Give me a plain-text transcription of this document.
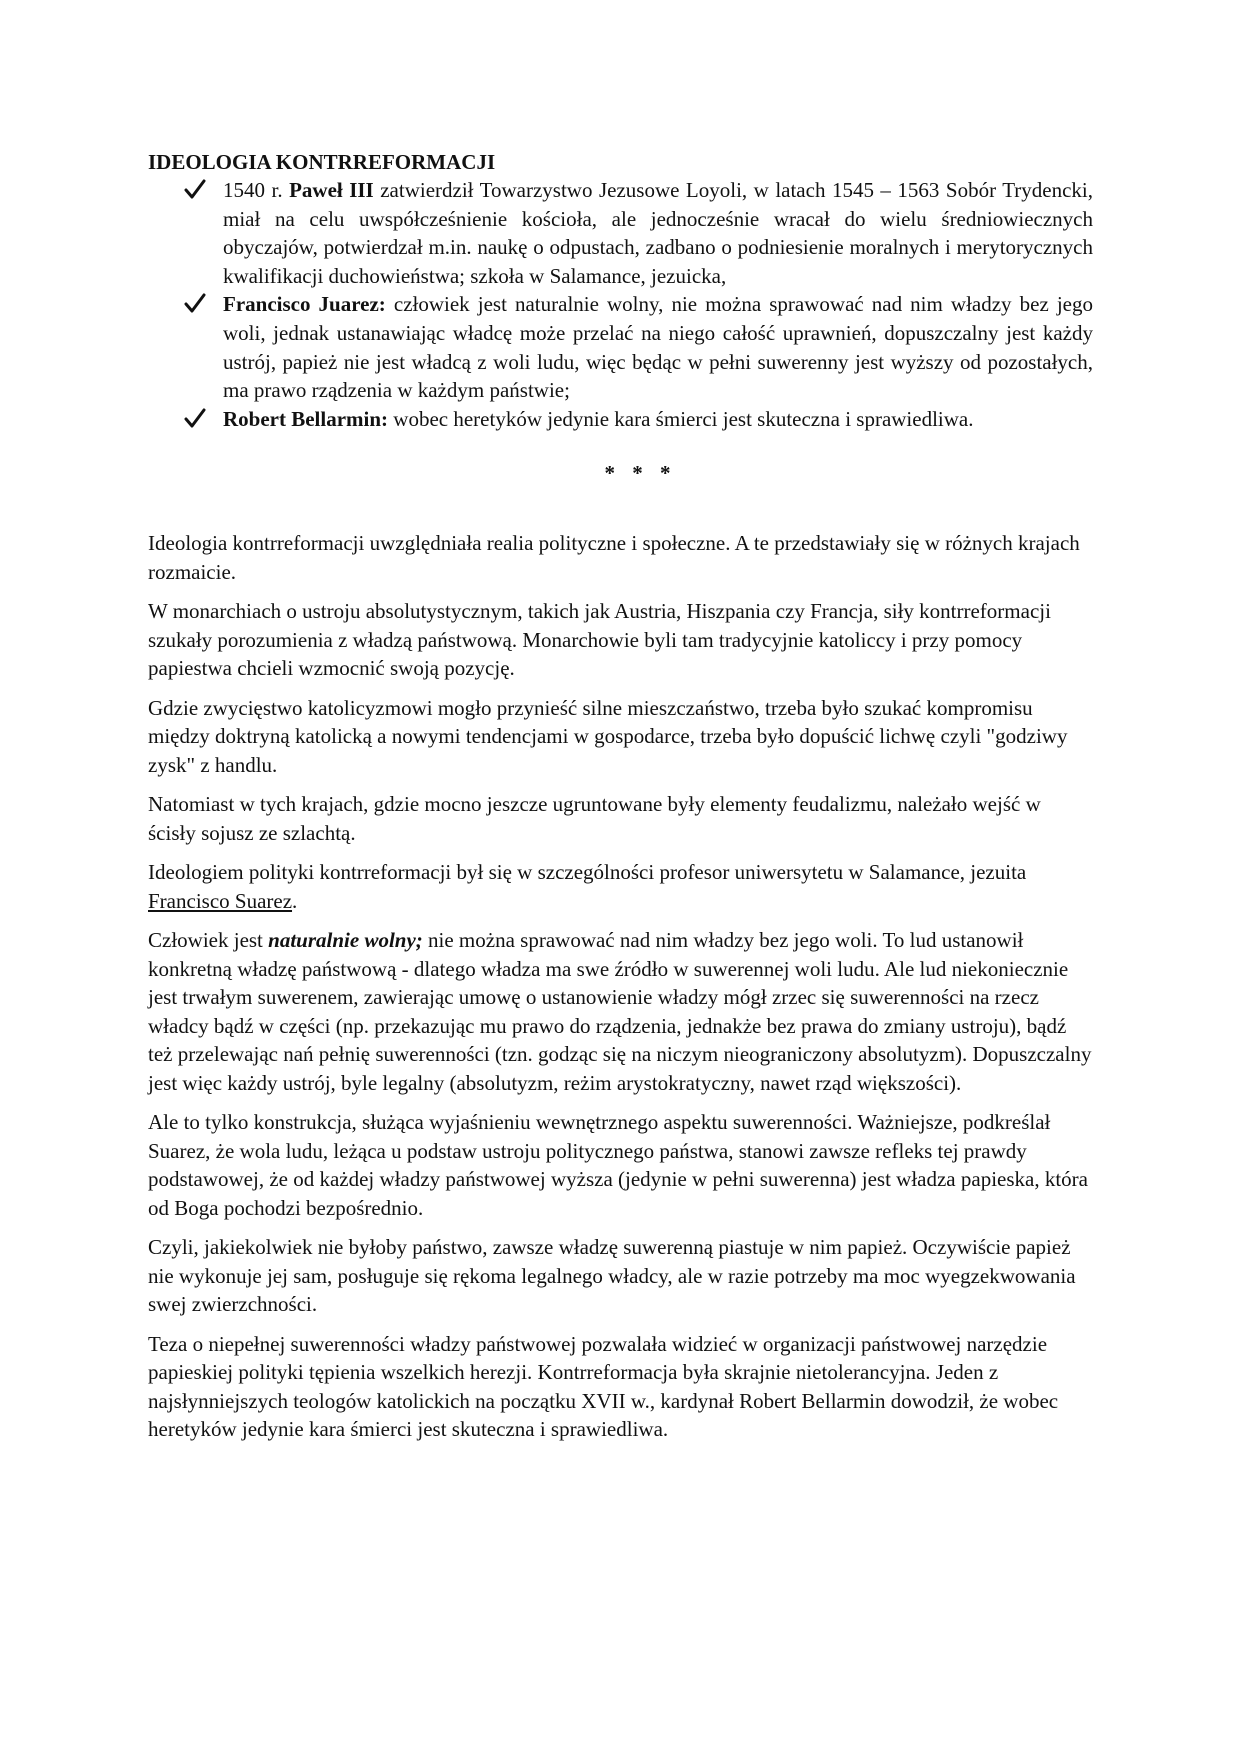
IDEOLOGIA KONTRREFORMACJI
1540 r. Paweł III zatwierdził Towarzystwo Jezusowe Loyoli, w latach 1545 – 1563 Sobór Trydencki, miał na celu uwspółcześnienie kościoła, ale jednocześnie wracał do wielu średniowiecznych obyczajów, potwierdzał m.in. naukę o odpustach, zadbano o podniesienie moralnych i merytorycznych kwalifikacji duchowieństwa; szkoła w Salamance, jezuicka,
Francisco Juarez: człowiek jest naturalnie wolny, nie można sprawować nad nim władzy bez jego woli, jednak ustanawiając władcę może przelać na niego całość uprawnień, dopuszczalny jest każdy ustrój, papież nie jest władcą z woli ludu, więc będąc w pełni suwerenny jest wyższy od pozostałych, ma prawo rządzenia w każdym państwie;
Robert Bellarmin: wobec heretyków jedynie kara śmierci jest skuteczna i sprawiedliwa.
* * *

Ideologia kontrreformacji uwzględniała realia polityczne i społeczne. A te przedstawiały się w różnych krajach rozmaicie.

W monarchiach o ustroju absolutystycznym, takich jak Austria, Hiszpania czy Francja, siły kontrreformacji szukały porozumienia z władzą państwową. Monarchowie byli tam tradycyjnie katoliccy i przy pomocy papiestwa chcieli wzmocnić swoją pozycję.

Gdzie zwycięstwo katolicyzmowi mogło przynieść silne mieszczaństwo, trzeba było szukać kompromisu między doktryną katolicką a nowymi tendencjami w gospodarce, trzeba było dopuścić lichwę czyli "godziwy zysk" z handlu.

Natomiast w tych krajach, gdzie mocno jeszcze ugruntowane były elementy feudalizmu, należało wejść w ścisły sojusz ze szlachtą.

Ideologiem polityki kontrreformacji był się w szczególności profesor uniwersytetu w Salamance, jezuita Francisco Suarez.

Człowiek jest naturalnie wolny; nie można sprawować nad nim władzy bez jego woli. To lud ustanowił konkretną władzę państwową - dlatego władza ma swe źródło w suwerennej woli ludu. Ale lud niekoniecznie jest trwałym suwerenem, zawierając umowę o ustanowienie władzy mógł zrzec się suwerenności na rzecz władcy bądź w części (np. przekazując mu prawo do rządzenia, jednakże bez prawa do zmiany ustroju), bądź też przelewając nań pełnię suwerenności (tzn. godząc się na niczym nieograniczony absolutyzm). Dopuszczalny jest więc każdy ustrój, byle legalny (absolutyzm, reżim arystokratyczny, nawet rząd większości).

Ale to tylko konstrukcja, służąca wyjaśnieniu wewnętrznego aspektu suwerenności. Ważniejsze, podkreślał Suarez, że wola ludu, leżąca u podstaw ustroju politycznego państwa, stanowi zawsze refleks tej prawdy podstawowej, że od każdej władzy państwowej wyższa (jedynie w pełni suwerenna) jest władza papieska, która od Boga pochodzi bezpośrednio.

Czyli, jakiekolwiek nie byłoby państwo, zawsze władzę suwerenną piastuje w nim papież. Oczywiście papież nie wykonuje jej sam, posługuje się rękoma legalnego władcy, ale w razie potrzeby ma moc wyegzekwowania swej zwierzchności.

Teza o niepełnej suwerenności władzy państwowej pozwalała widzieć w organizacji państwowej narzędzie papieskiej polityki tępienia wszelkich herezji. Kontrreformacja była skrajnie nietolerancyjna. Jeden z najsłynniejszych teologów katolickich na początku XVII w., kardynał Robert Bellarmin dowodził, że wobec heretyków jedynie kara śmierci jest skuteczna i sprawiedliwa.
